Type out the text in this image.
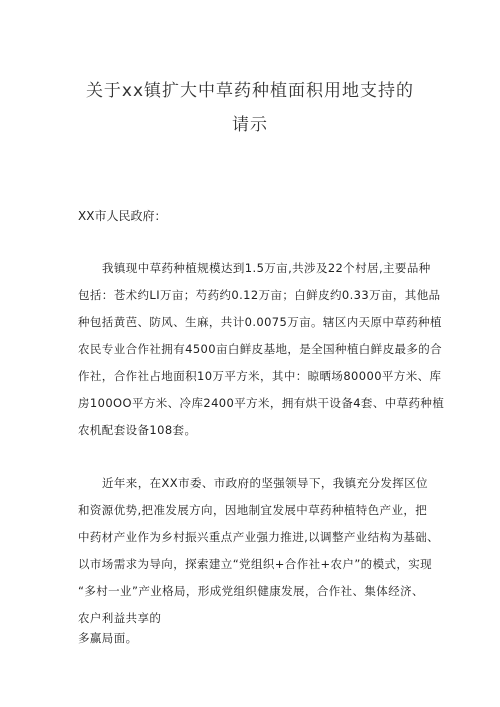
关于xx镇扩大中草药种植面积用地支持的
请示
XX市人民政府：
我镇现中草药种植规模达到1.5万亩,共涉及22个村居,主要品种
包括：苍术约LI万亩；芍药约0.12万亩；白鲜皮约0.33万亩，其他品
种包括黄芭、防风、生麻，共计0.0075万亩。辖区内天原中草药种植
农民专业合作社拥有4500亩白鲜皮基地，是全国种植白鲜皮最多的合
作社，合作社占地面积10万平方米，其中：晾晒场80000平方米、库
房100OO平方米、冷库2400平方米，拥有烘干设备4套、中草药种植
农机配套设备108套。
近年来，在XX市委、市政府的坚强领导下，我镇充分发挥区位
和资源优势,把准发展方向，因地制宜发展中草药种植特色产业，把
中药材产业作为乡村振兴重点产业强力推进,以调整产业结构为基础、
以市场需求为导向，探索建立“党组织+合作社+农户”的模式，实现
“多村一业”产业格局，形成党组织健康发展，合作社、集体经济、
农户利益共享的
多赢局面。
